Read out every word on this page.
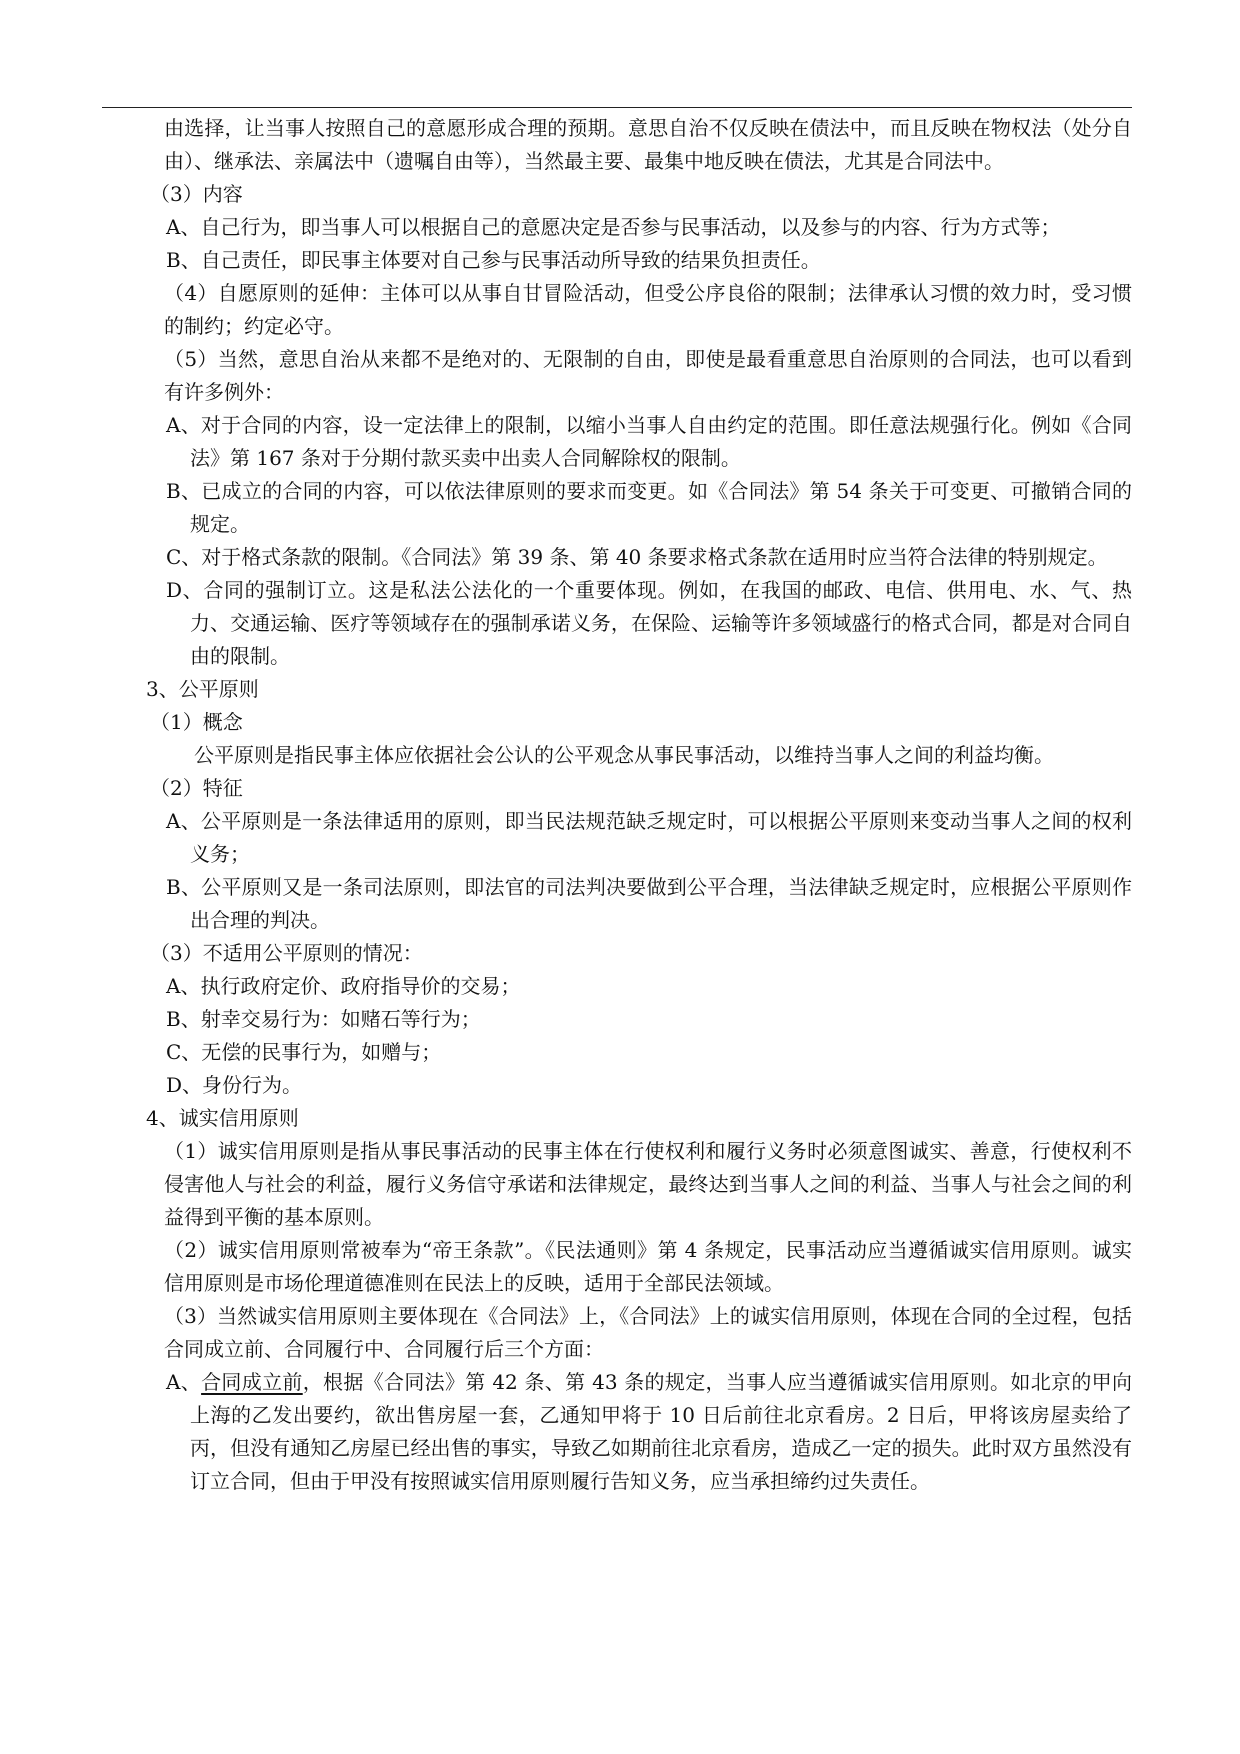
由选择，让当事人按照自己的意愿形成合理的预期。意思自治不仅反映在债法中，而且反映在物权法（处分自由）、继承法、亲属法中（遗嘱自由等），当然最主要、最集中地反映在债法，尤其是合同法中。

（3）内容

A、自己行为，即当事人可以根据自己的意愿决定是否参与民事活动，以及参与的内容、行为方式等；

B、自己责任，即民事主体要对自己参与民事活动所导致的结果负担责任。

（4）自愿原则的延伸：主体可以从事自甘冒险活动，但受公序良俗的限制；法律承认习惯的效力时，受习惯的制约；约定必守。

（5）当然，意思自治从来都不是绝对的、无限制的自由，即使是最看重意思自治原则的合同法，也可以看到有许多例外：

A、对于合同的内容，设一定法律上的限制，以缩小当事人自由约定的范围。即任意法规强行化。例如《合同法》第 167 条对于分期付款买卖中出卖人合同解除权的限制。

B、已成立的合同的内容，可以依法律原则的要求而变更。如《合同法》第 54 条关于可变更、可撤销合同的规定。

C、对于格式条款的限制。《合同法》第 39 条、第 40 条要求格式条款在适用时应当符合法律的特别规定。

D、合同的强制订立。这是私法公法化的一个重要体现。例如，在我国的邮政、电信、供用电、水、气、热力、交通运输、医疗等领域存在的强制承诺义务，在保险、运输等许多领域盛行的格式合同，都是对合同自由的限制。

3、公平原则

（1）概念

公平原则是指民事主体应依据社会公认的公平观念从事民事活动，以维持当事人之间的利益均衡。

（2）特征

A、公平原则是一条法律适用的原则，即当民法规范缺乏规定时，可以根据公平原则来变动当事人之间的权利义务；

B、公平原则又是一条司法原则，即法官的司法判决要做到公平合理，当法律缺乏规定时，应根据公平原则作出合理的判决。

（3）不适用公平原则的情况：

A、执行政府定价、政府指导价的交易；

B、射幸交易行为：如赌石等行为；

C、无偿的民事行为，如赠与；

D、身份行为。

4、诚实信用原则

（1）诚实信用原则是指从事民事活动的民事主体在行使权利和履行义务时必须意图诚实、善意，行使权利不侵害他人与社会的利益，履行义务信守承诺和法律规定，最终达到当事人之间的利益、当事人与社会之间的利益得到平衡的基本原则。

（2）诚实信用原则常被奉为“帝王条款”。《民法通则》第 4 条规定，民事活动应当遵循诚实信用原则。诚实信用原则是市场伦理道德准则在民法上的反映，适用于全部民法领域。

（3）当然诚实信用原则主要体现在《合同法》上，《合同法》上的诚实信用原则，体现在合同的全过程，包括合同成立前、合同履行中、合同履行后三个方面：

A、合同成立前，根据《合同法》第 42 条、第 43 条的规定，当事人应当遵循诚实信用原则。如北京的甲向上海的乙发出要约，欲出售房屋一套，乙通知甲将于 10 日后前往北京看房。2 日后，甲将该房屋卖给了丙，但没有通知乙房屋已经出售的事实，导致乙如期前往北京看房，造成乙一定的损失。此时双方虽然没有订立合同，但由于甲没有按照诚实信用原则履行告知义务，应当承担缔约过失责任。
